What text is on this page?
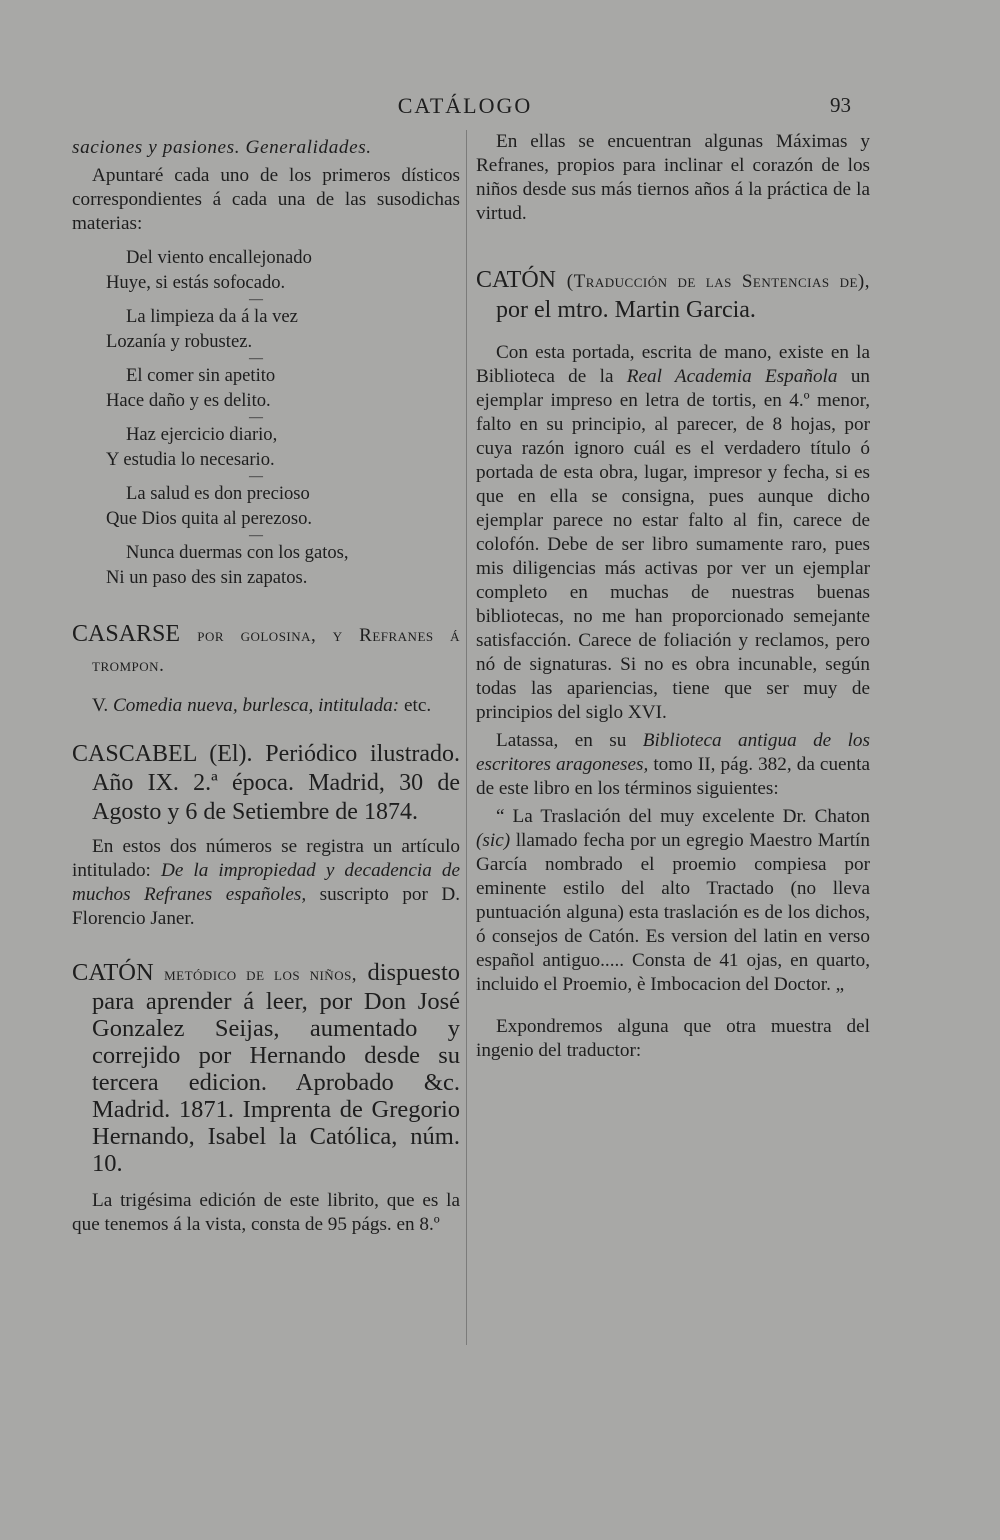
CATÁLOGO	93

saciones y pasiones. Generalidades.

Apuntaré cada uno de los primeros dísticos correspondientes á cada una de las susodichas materias:

Del viento encallejonado
Huye, si estás sofocado.
—
La limpieza da á la vez
Lozanía y robustez.
—
El comer sin apetito
Hace daño y es delito.
—
Haz ejercicio diario,
Y estudia lo necesario.
—
La salud es don precioso
Que Dios quita al perezoso.
—
Nunca duermas con los gatos,
Ni un paso des sin zapatos.

CASARSE por golosina, y Refranes á trompon.

V. Comedia nueva, burlesca, intitulada: etc.

CASCABEL (El). Periódico ilustrado. Año IX. 2.ª época. Madrid, 30 de Agosto y 6 de Setiembre de 1874.

En estos dos números se registra un artículo intitulado: De la impropiedad y decadencia de muchos Refranes españoles, suscripto por D. Florencio Janer.

CATÓN metódico de los niños, dispuesto para aprender á leer, por Don José Gonzalez Seijas, aumentado y correjido por Hernando desde su tercera edicion. Aprobado &c. Madrid. 1871. Imprenta de Gregorio Hernando, Isabel la Católica, núm. 10.

La trigésima edición de este librito, que es la que tenemos á la vista, consta de 95 págs. en 8.º

En ellas se encuentran algunas Máximas y Refranes, propios para inclinar el corazón de los niños desde sus más tiernos años á la práctica de la virtud.

CATÓN (Traducción de las Sentencias de), por el mtro. Martin Garcia.

Con esta portada, escrita de mano, existe en la Biblioteca de la Real Academia Española un ejemplar impreso en letra de tortis, en 4.º menor, falto en su principio, al parecer, de 8 hojas, por cuya razón ignoro cuál es el verdadero título ó portada de esta obra, lugar, impresor y fecha, si es que en ella se consigna, pues aunque dicho ejemplar parece no estar falto al fin, carece de colofón. Debe de ser libro sumamente raro, pues mis diligencias más activas por ver un ejemplar completo en muchas de nuestras buenas bibliotecas, no me han proporcionado semejante satisfacción. Carece de foliación y reclamos, pero nó de signaturas. Si no es obra incunable, según todas las apariencias, tiene que ser muy de principios del siglo XVI.

Latassa, en su Biblioteca antigua de los escritores aragoneses, tomo II, pág. 382, da cuenta de este libro en los términos siguientes:

“ La Traslación del muy excelente Dr. Chaton (sic) llamado fecha por un egregio Maestro Martín García nombrado el proemio compiesa por eminente estilo del alto Tractado (no lleva puntuación alguna) esta traslación es de los dichos, ó consejos de Catón. Es version del latin en verso español antiguo..... Consta de 41 ojas, en quarto, incluido el Proemio, è Imbocacion del Doctor. „

Expondremos alguna que otra muestra del ingenio del traductor:
